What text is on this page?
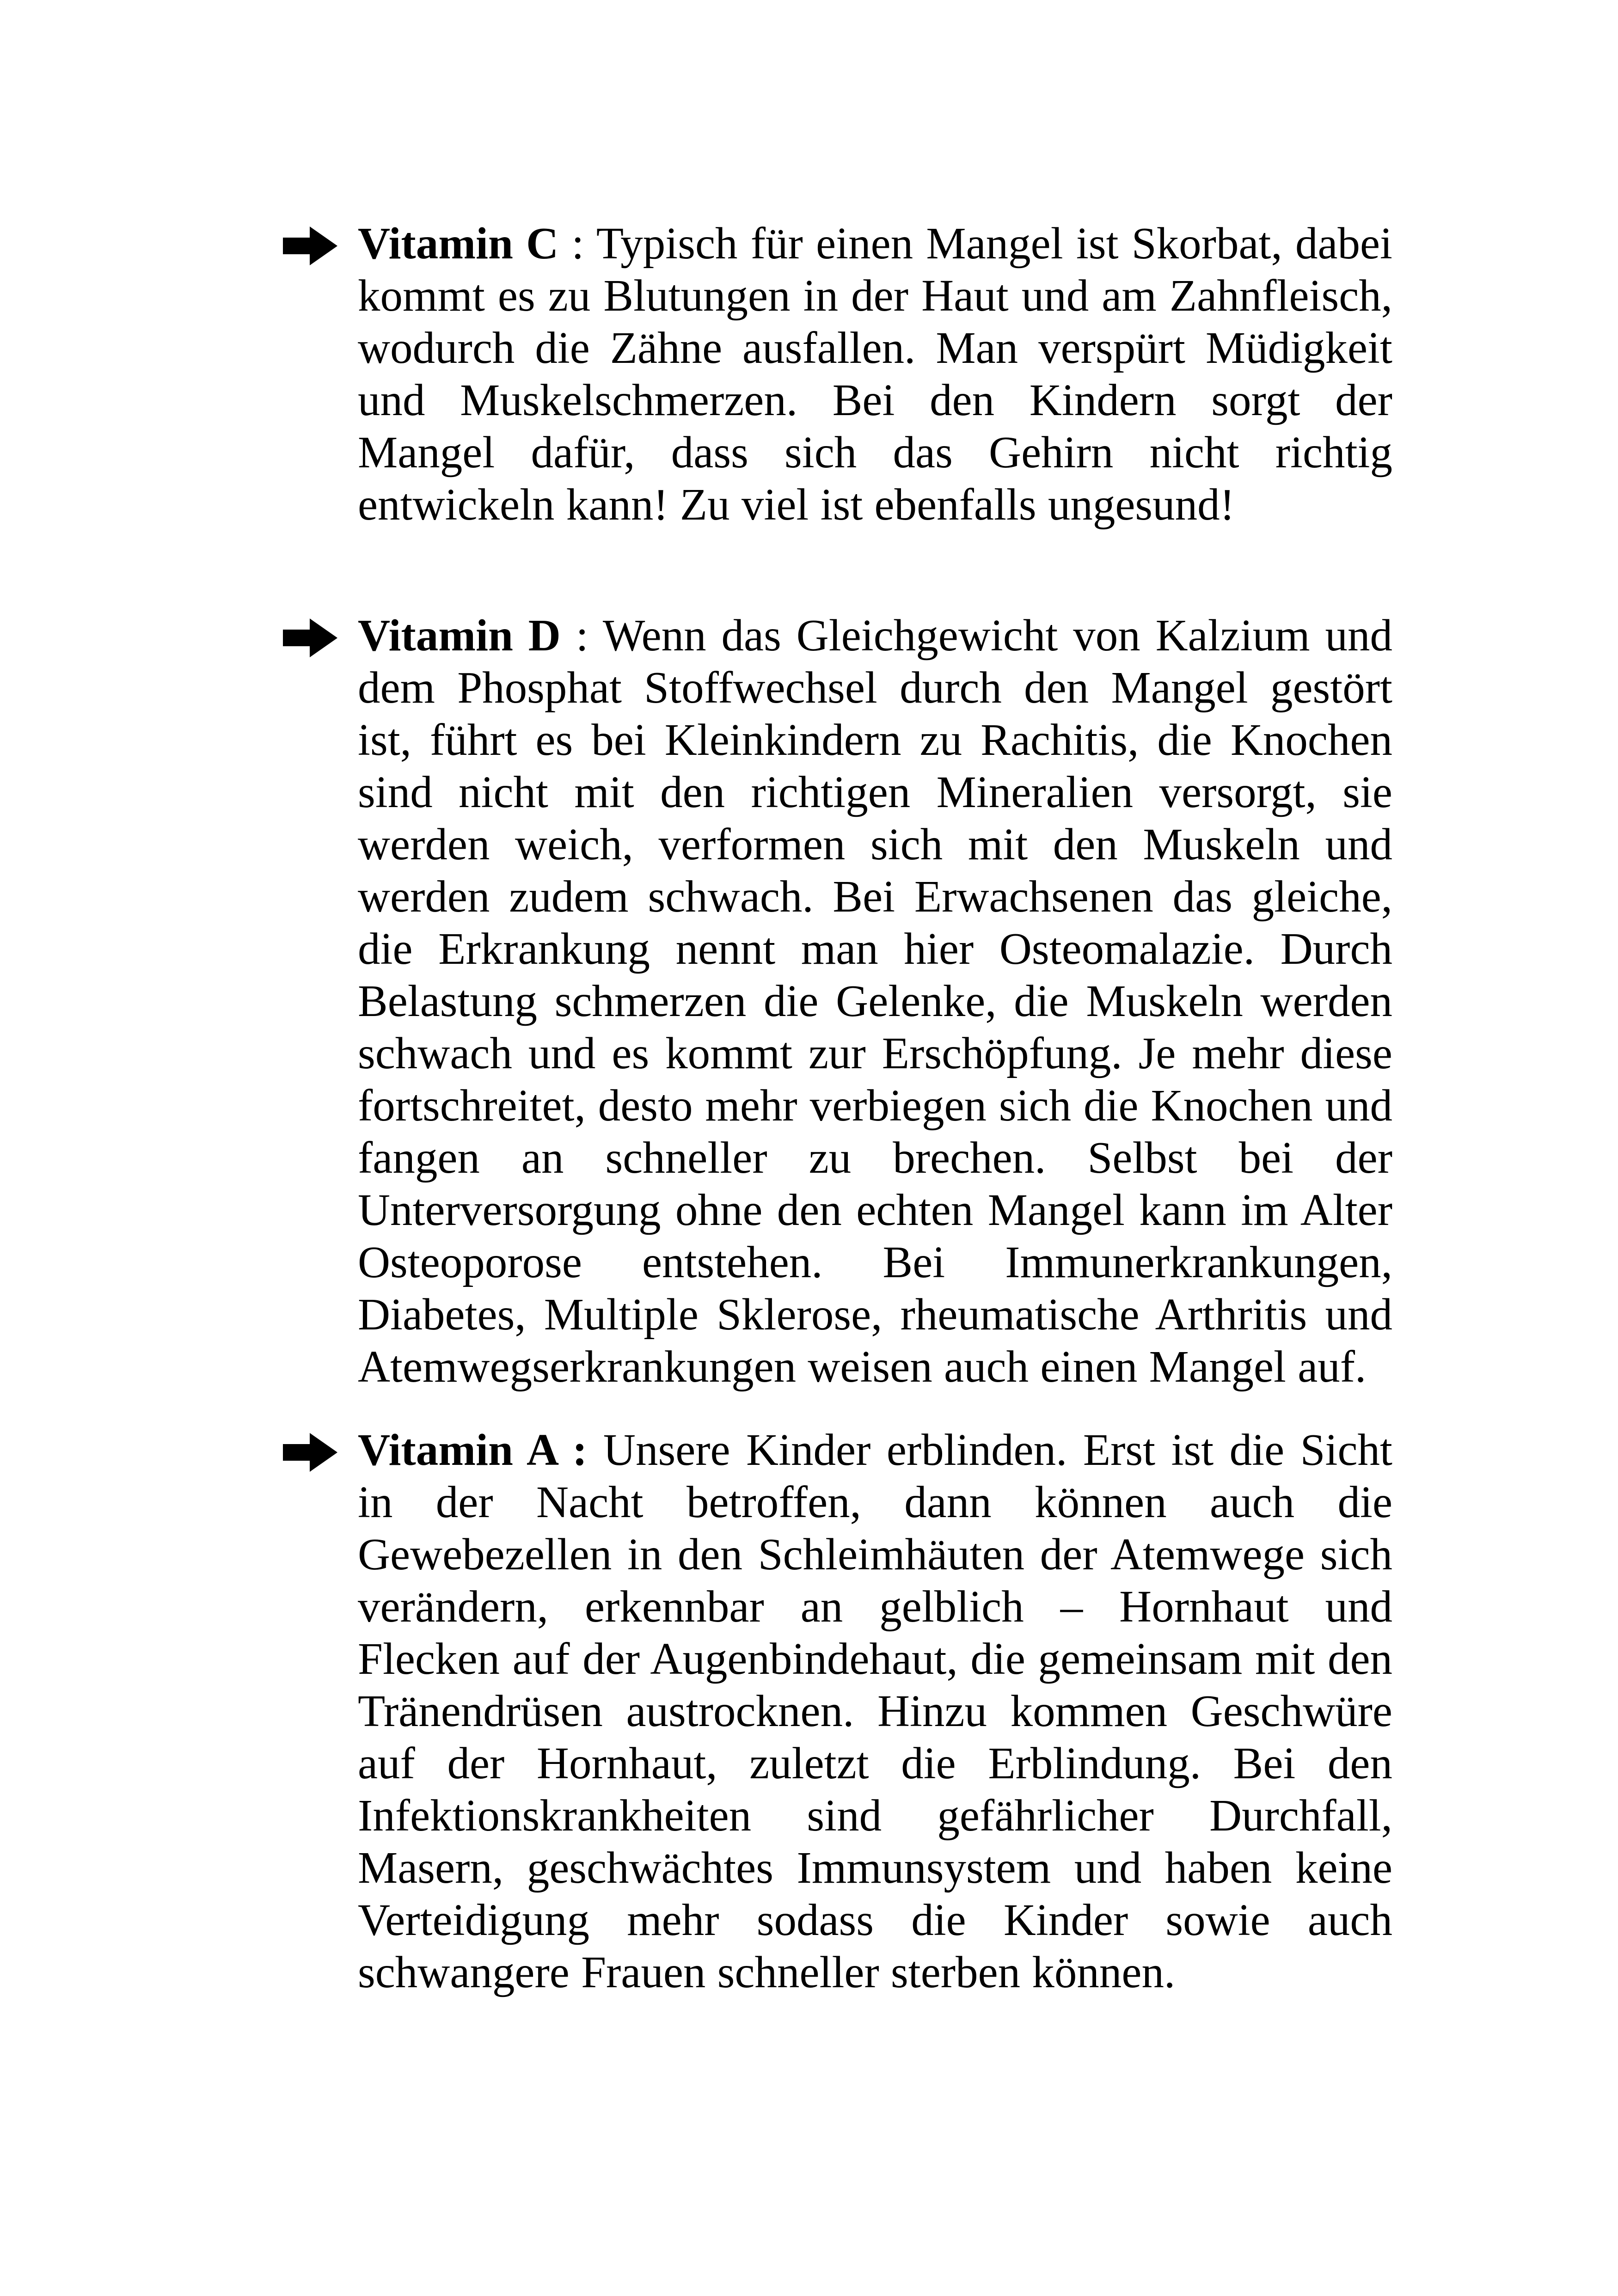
Vitamin C : Typisch für einen Mangel ist Skorbat, dabei kommt es zu Blutungen in der Haut und am Zahnfleisch, wodurch die Zähne ausfallen. Man verspürt Müdigkeit und Muskelschmerzen. Bei den Kindern sorgt der Mangel dafür, dass sich das Gehirn nicht richtig entwickeln kann! Zu viel ist ebenfalls ungesund!
Vitamin D : Wenn das Gleichgewicht von Kalzium und dem Phosphat Stoffwechsel durch den Mangel gestört ist, führt es bei Kleinkindern zu Rachitis, die Knochen sind nicht mit den richtigen Mineralien versorgt, sie werden weich, verformen sich mit den Muskeln und werden zudem schwach. Bei Erwachsenen das gleiche, die Erkrankung nennt man hier Osteomalazie. Durch Belastung schmerzen die Gelenke, die Muskeln werden schwach und es kommt zur Erschöpfung. Je mehr diese fortschreitet, desto mehr verbiegen sich die Knochen und fangen an schneller zu brechen. Selbst bei der Unterversorgung ohne den echten Mangel kann im Alter Osteoporose entstehen. Bei Immunerkrankungen, Diabetes, Multiple Sklerose, rheumatische Arthritis und Atemwegserkrankungen weisen auch einen Mangel auf.
Vitamin A : Unsere Kinder erblinden. Erst ist die Sicht in der Nacht betroffen, dann können auch die Gewebezellen in den Schleimhäuten der Atemwege sich verändern, erkennbar an gelblich – Hornhaut und Flecken auf der Augenbindehaut, die gemeinsam mit den Tränendrüsen austrocknen. Hinzu kommen Geschwüre auf der Hornhaut, zuletzt die Erblindung. Bei den Infektionskrankheiten sind gefährlicher Durchfall, Masern, geschwächtes Immunsystem und haben keine Verteidigung mehr sodass die Kinder sowie auch schwangere Frauen schneller sterben können.
